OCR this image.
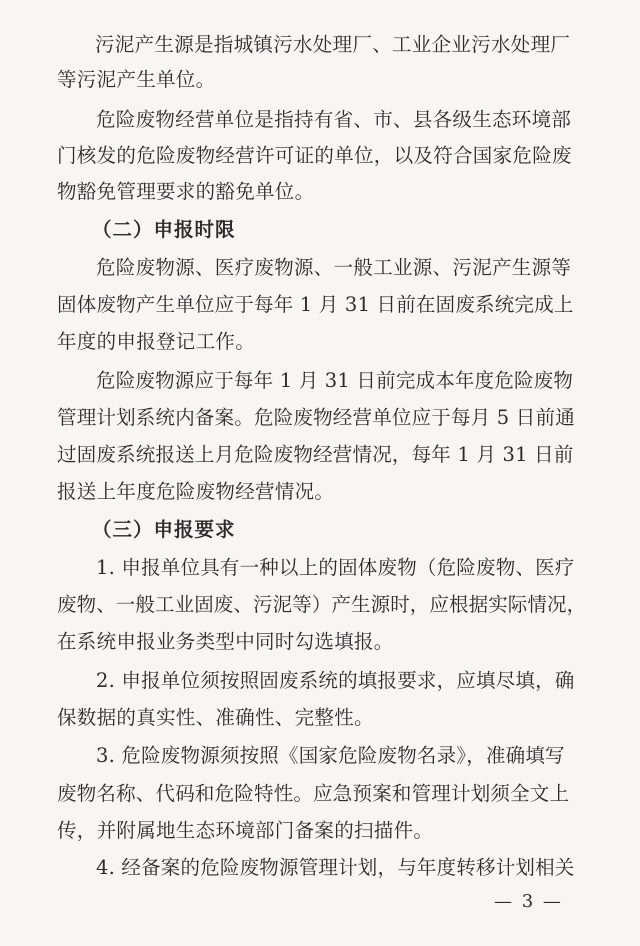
污泥产生源是指城镇污水处理厂、工业企业污水处理厂
等污泥产生单位。
危险废物经营单位是指持有省、市、县各级生态环境部
门核发的危险废物经营许可证的单位，以及符合国家危险废
物豁免管理要求的豁免单位。
（二）申报时限
危险废物源、医疗废物源、一般工业源、污泥产生源等
固体废物产生单位应于每年 1 月 31 日前在固废系统完成上
年度的申报登记工作。
危险废物源应于每年 1 月 31 日前完成本年度危险废物
管理计划系统内备案。危险废物经营单位应于每月 5 日前通
过固废系统报送上月危险废物经营情况，每年 1 月 31 日前
报送上年度危险废物经营情况。
（三）申报要求
1. 申报单位具有一种以上的固体废物（危险废物、医疗
废物、一般工业固废、污泥等）产生源时，应根据实际情况，
在系统申报业务类型中同时勾选填报。
2. 申报单位须按照固废系统的填报要求，应填尽填，确
保数据的真实性、准确性、完整性。
3. 危险废物源须按照《国家危险废物名录》，准确填写
废物名称、代码和危险特性。应急预案和管理计划须全文上
传，并附属地生态环境部门备案的扫描件。
4. 经备案的危险废物源管理计划，与年度转移计划相关
— 3 —
